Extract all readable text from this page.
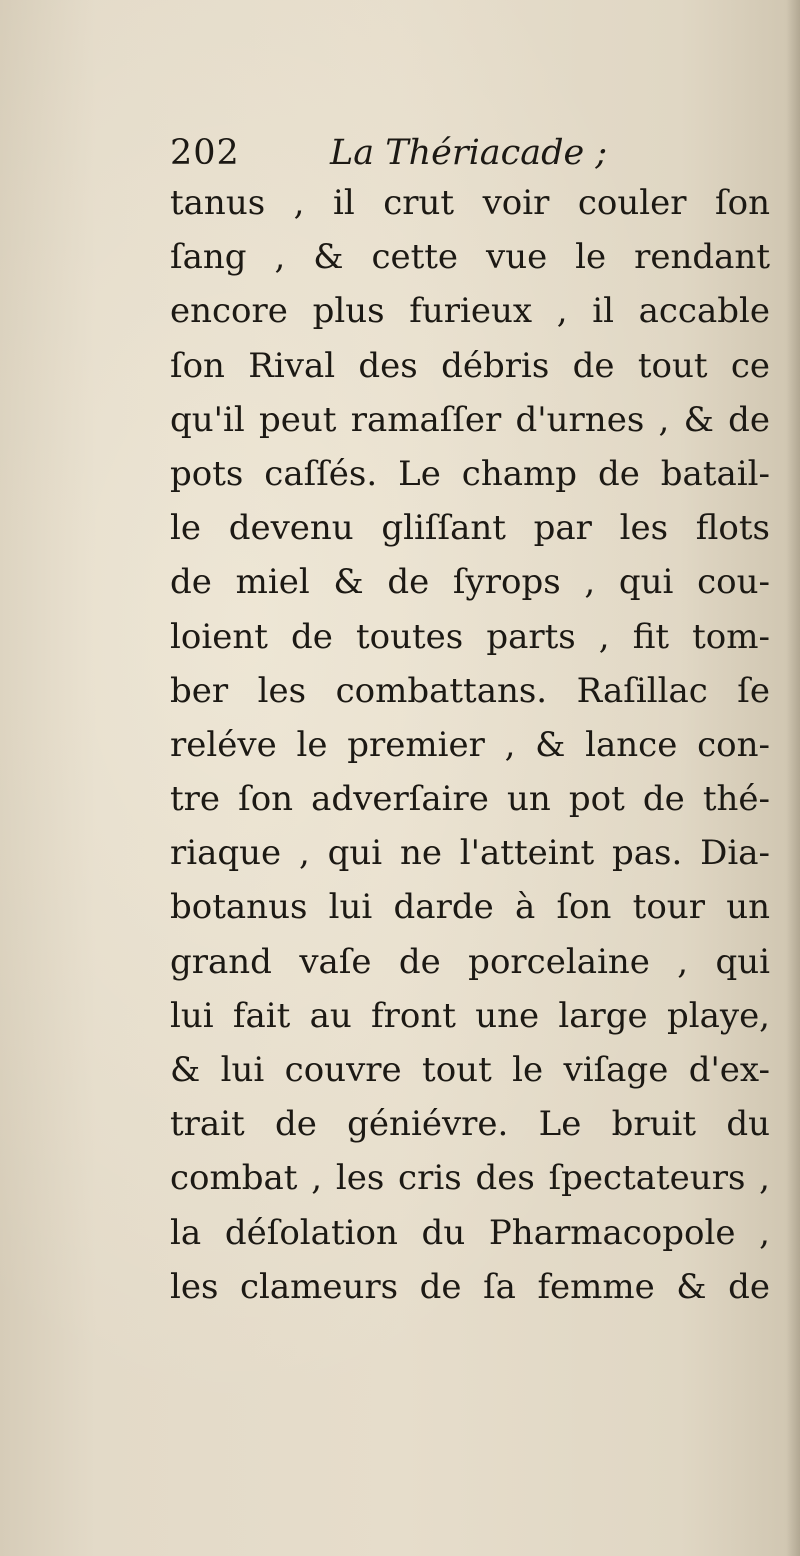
202	La Thériacade ;
tanus , il crut voir couler ſon
ſang , & cette vue le rendant
encore plus furieux , il accable
ſon Rival des débris de tout ce
qu'il peut ramaſſer d'urnes , & de
pots caſſés. Le champ de batail-
le devenu gliſſant par les flots
de miel & de ſyrops , qui cou-
loient de toutes parts , fit tom-
ber les combattans. Raſillac ſe
reléve le premier , & lance con-
tre ſon adverſaire un pot de thé-
riaque , qui ne l'atteint pas. Dia-
botanus lui darde à ſon tour un
grand vaſe de porcelaine , qui
lui fait au front une large playe,
& lui couvre tout le viſage d'ex-
trait de géniévre. Le bruit du
combat , les cris des ſpectateurs ,
la déſolation du Pharmacopole ,
les clameurs de ſa femme & de
